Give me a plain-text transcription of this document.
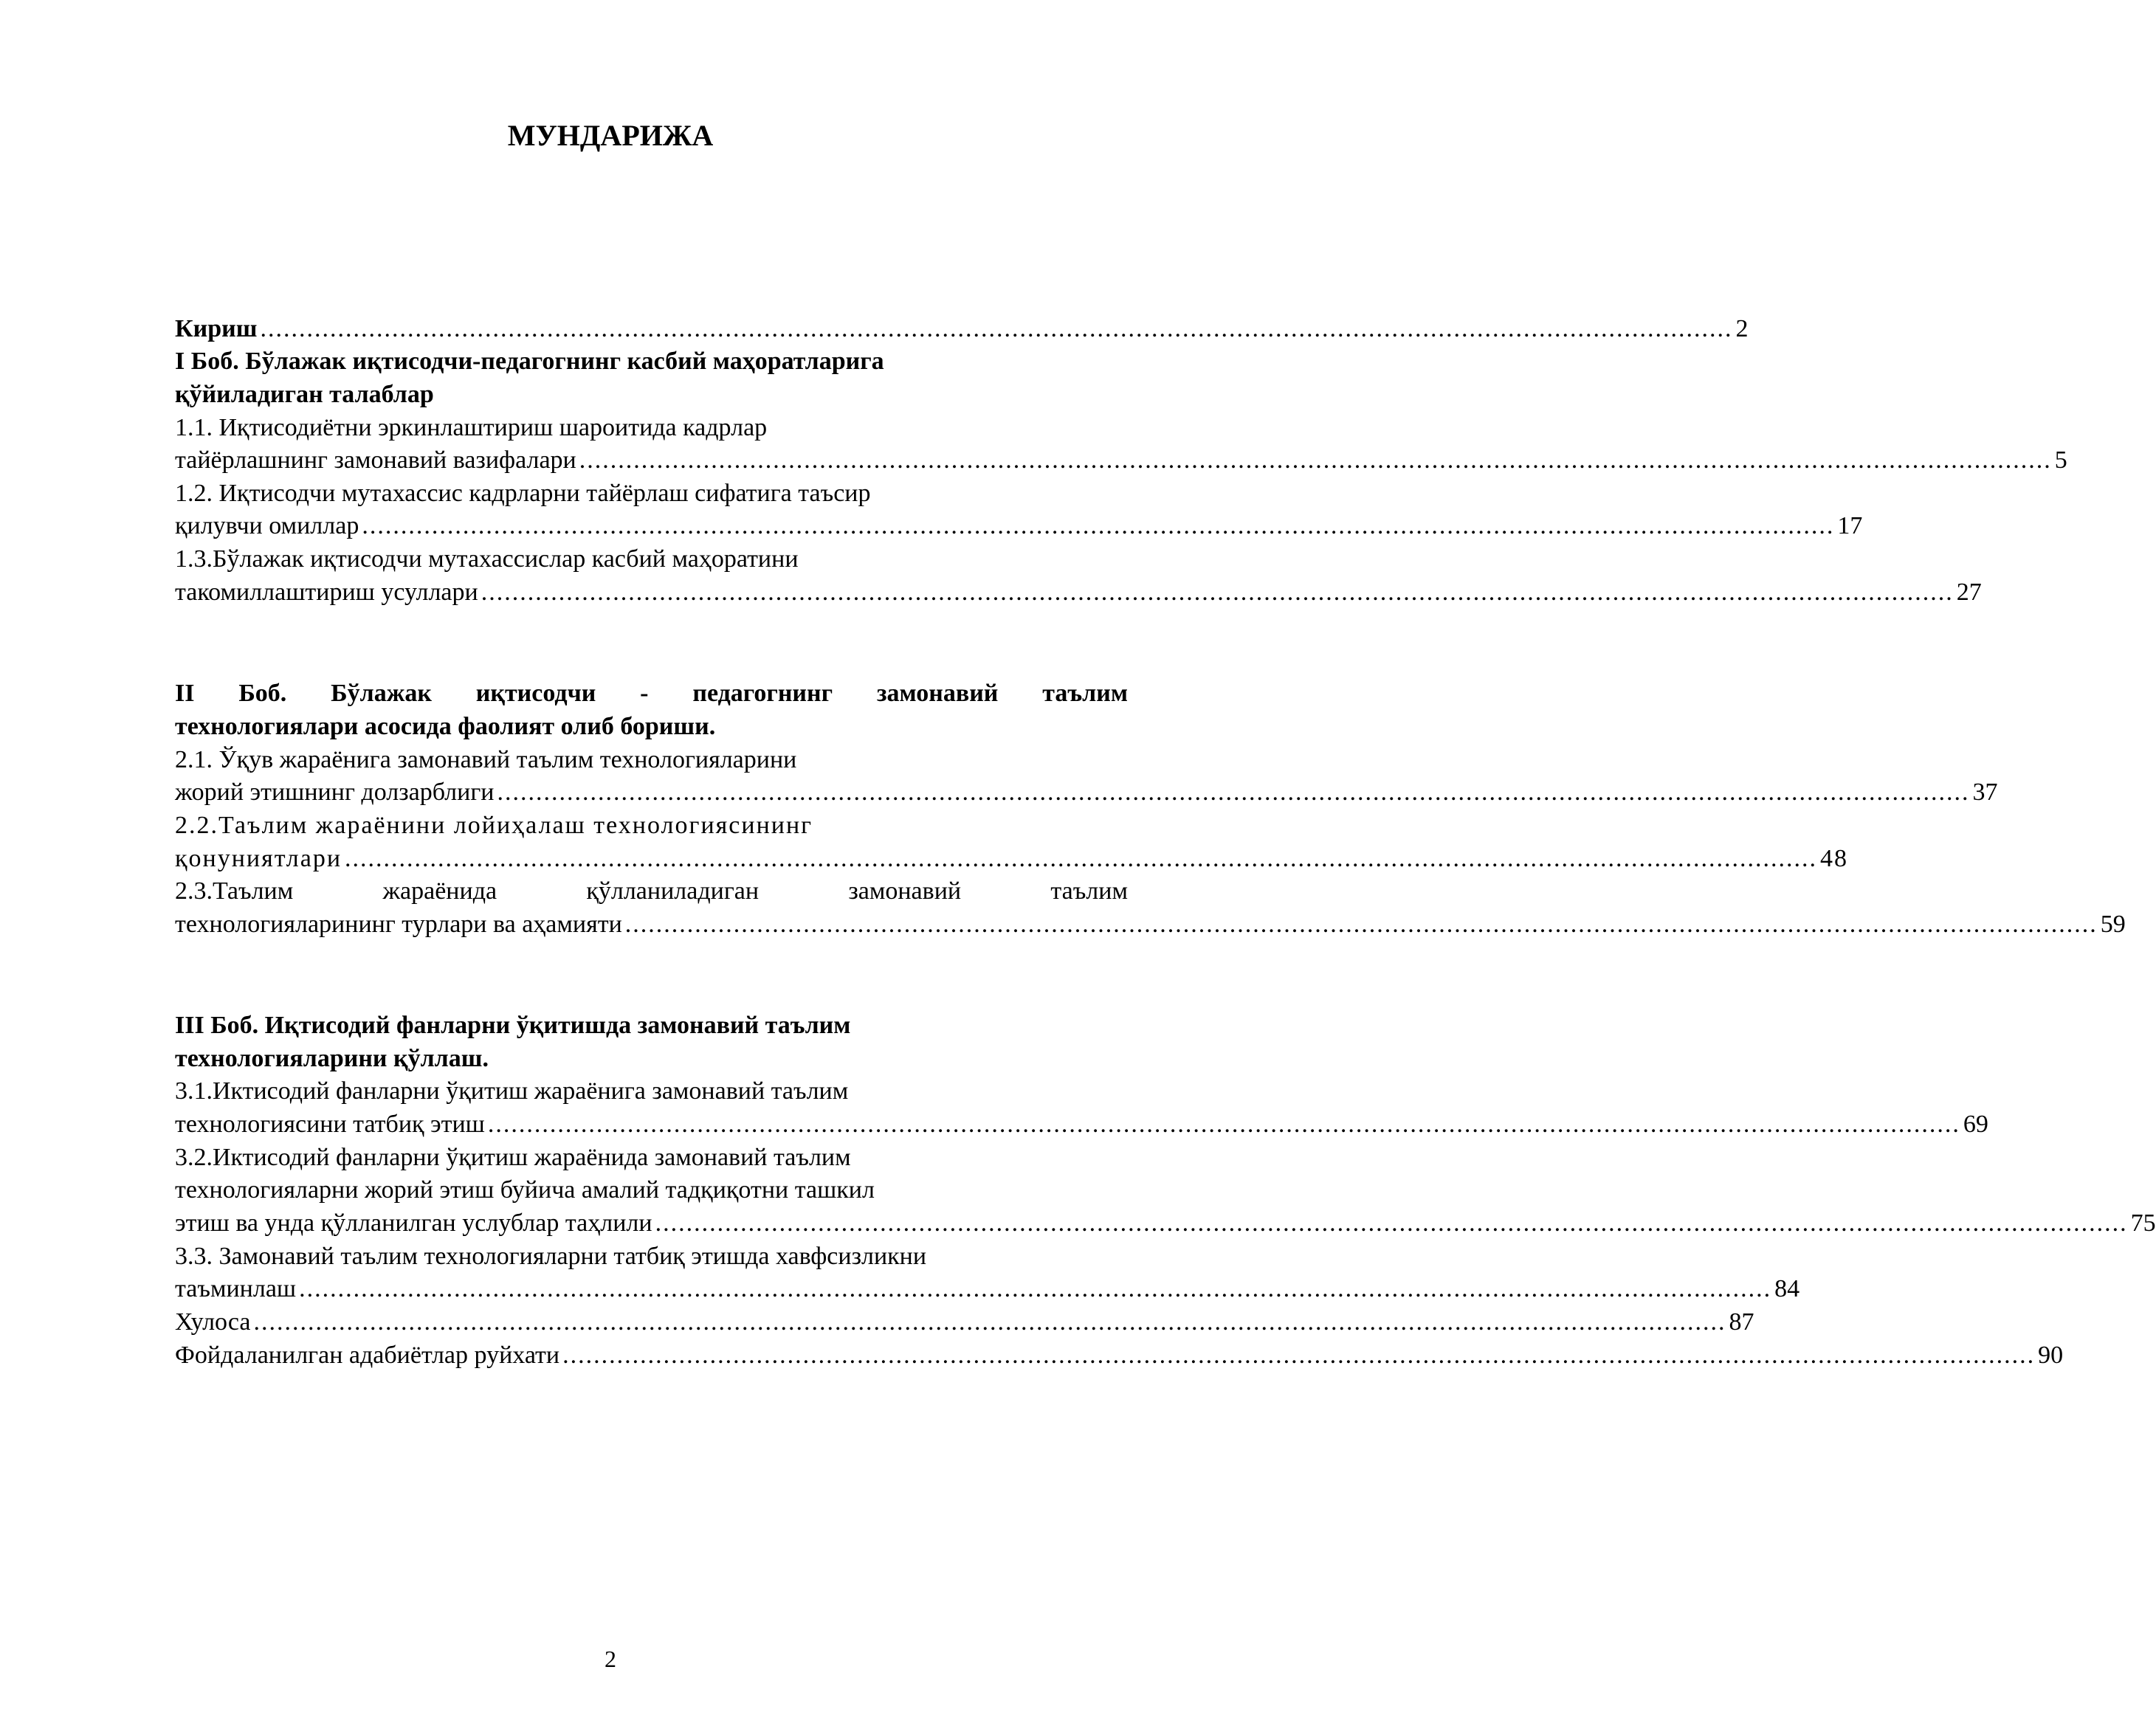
МУНДАРИЖА
Кириш .............................................................................................................................................................................................. 2
І Боб. Бўлажак иқтисодчи-педагогнинг касбий маҳоратларига
қўйиладиган талаблар
1.1. Иқтисодиётни эркинлаштириш шароитида кадрлар
тайёрлашнинг замонавий вазифалари .............................................................................................................................................................................................. 5
1.2. Иқтисодчи мутахассис кадрларни тайёрлаш сифатига таъсир
қилувчи омиллар .............................................................................................................................................................................................. 17
1.3.Бўлажак иқтисодчи мутахассислар касбий маҳоратини
такомиллаштириш усуллари .............................................................................................................................................................................................. 27
ІІ Боб. Бўлажак иқтисодчи - педагогнинг замонавий таълим
технологиялари асосида фаолият олиб бориши.
2.1. Ўқув жараёнига замонавий таълим технологияларини
жорий этишнинг долзарблиги .............................................................................................................................................................................................. 37
2.2.Таълим жараёнини лойиҳалаш технологиясининг
қонуниятлари .............................................................................................................................................................................................. 48
2.3.Таълим жараёнида қўлланиладиган замонавий таълим
технологияларининг турлари ва аҳамияти .............................................................................................................................................................................................. 59
ІІІ Боб. Иқтисодий фанларни ўқитишда замонавий таълим
технологияларини қўллаш.
3.1.Иктисодий фанларни ўқитиш жараёнига замонавий таълим
технологиясини татбиқ этиш .............................................................................................................................................................................................. 69
3.2.Иктисодий фанларни ўқитиш жараёнида замонавий таълим
технологияларни жорий этиш буйича амалий тадқиқотни ташкил
этиш ва унда қўлланилган услублар таҳлили .............................................................................................................................................................................................. 75
3.3. Замонавий таълим технологияларни татбиқ этишда хавфсизликни
таъминлаш .............................................................................................................................................................................................. 84
Хулоса .............................................................................................................................................................................................. 87
Фойдаланилган адабиётлар руйхати .............................................................................................................................................................................................. 90
2
